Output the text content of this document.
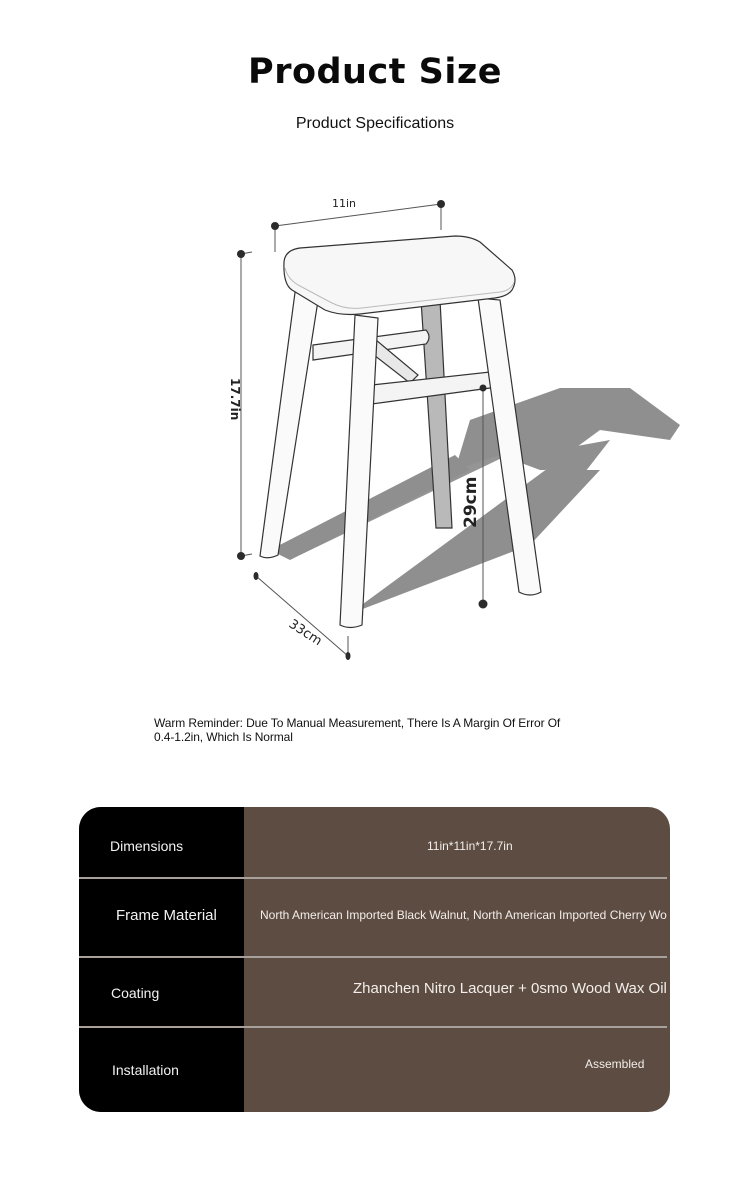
Product Size
Product Specifications
11in
17.7in
33cm
29cm
Warm Reminder: Due To Manual Measurement, There Is A Margin Of Error Of
0.4-1.2in, Which Is Normal
Dimensions	11in*11in*17.7in
Frame Material	North American Imported Black Walnut, North American Imported Cherry Wo
Coating	Zhanchen Nitro Lacquer + 0smo Wood Wax Oil
Installation	Assembled
